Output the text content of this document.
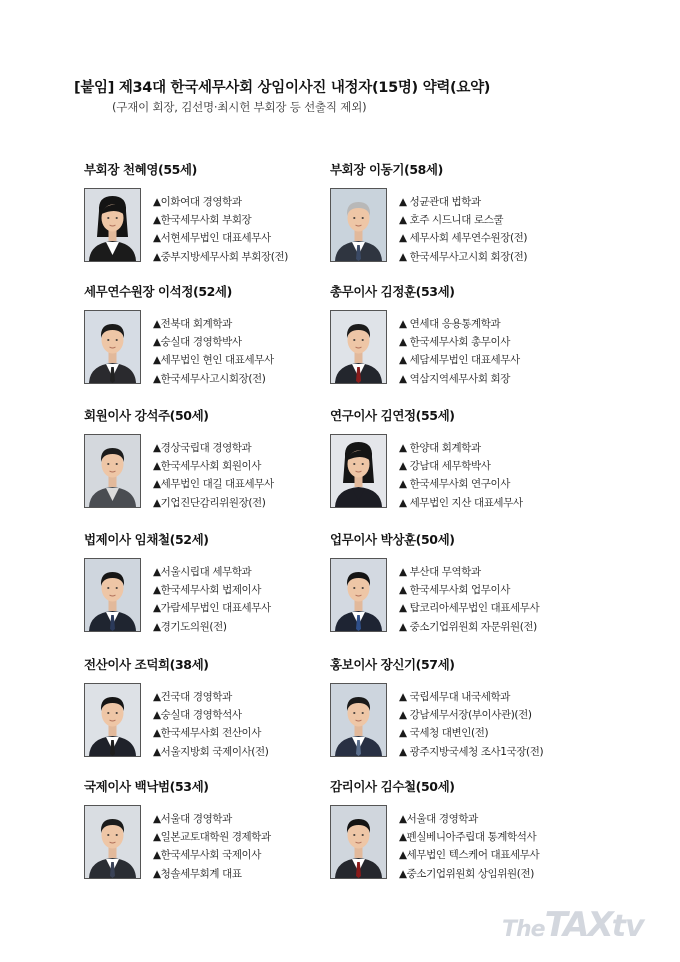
[붙임] 제34대 한국세무사회 상임이사진 내정자(15명) 약력(요약)
(구재이 회장, 김선명·최시헌 부회장 등 선출직 제외)
부회장 천혜영(55세)
▲이화여대 경영학과
▲한국세무사회 부회장
▲서현세무법인 대표세무사
▲중부지방세무사회 부회장(전)
부회장 이동기(58세)
▲ 성균관대 법학과
▲ 호주 시드니대 로스쿨
▲ 세무사회 세무연수원장(전)
▲ 한국세무사고시회 회장(전)
세무연수원장 이석정(52세)
▲전북대 회계학과
▲숭실대 경영학박사
▲세무법인 현인 대표세무사
▲한국세무사고시회장(전)
총무이사 김정훈(53세)
▲ 연세대 응용통계학과
▲ 한국세무사회 총무이사
▲ 세담세무법인 대표세무사
▲ 역삼지역세무사회 회장
회원이사 강석주(50세)
▲경상국립대 경영학과
▲한국세무사회 회원이사
▲세무법인 대길 대표세무사
▲기업진단감리위원장(전)
연구이사 김연정(55세)
▲ 한양대 회계학과
▲ 강남대 세무학박사
▲ 한국세무사회 연구이사
▲ 세무법인 지산 대표세무사
법제이사 임채철(52세)
▲서울시립대 세무학과
▲한국세무사회 법제이사
▲가람세무법인 대표세무사
▲경기도의원(전)
업무이사 박상훈(50세)
▲ 부산대 무역학과
▲ 한국세무사회 업무이사
▲ 탑코리아세무법인 대표세무사
▲ 중소기업위원회 자문위원(전)
전산이사 조덕희(38세)
▲건국대 경영학과
▲숭실대 경영학석사
▲한국세무사회 전산이사
▲서울지방회 국제이사(전)
홍보이사 장신기(57세)
▲ 국립세무대 내국세학과
▲ 강남세무서장(부이사관)(전)
▲ 국세청 대변인(전)
▲ 광주지방국세청 조사1국장(전)
국제이사 백낙범(53세)
▲서울대 경영학과
▲일본교토대학원 경제학과
▲한국세무사회 국제이사
▲청솔세무회계 대표
감리이사 김수철(50세)
▲서울대 경영학과
▲펜실베니아주립대 통계학석사
▲세무법인 텍스케어 대표세무사
▲중소기업위원회 상임위원(전)
TheTAXtv
